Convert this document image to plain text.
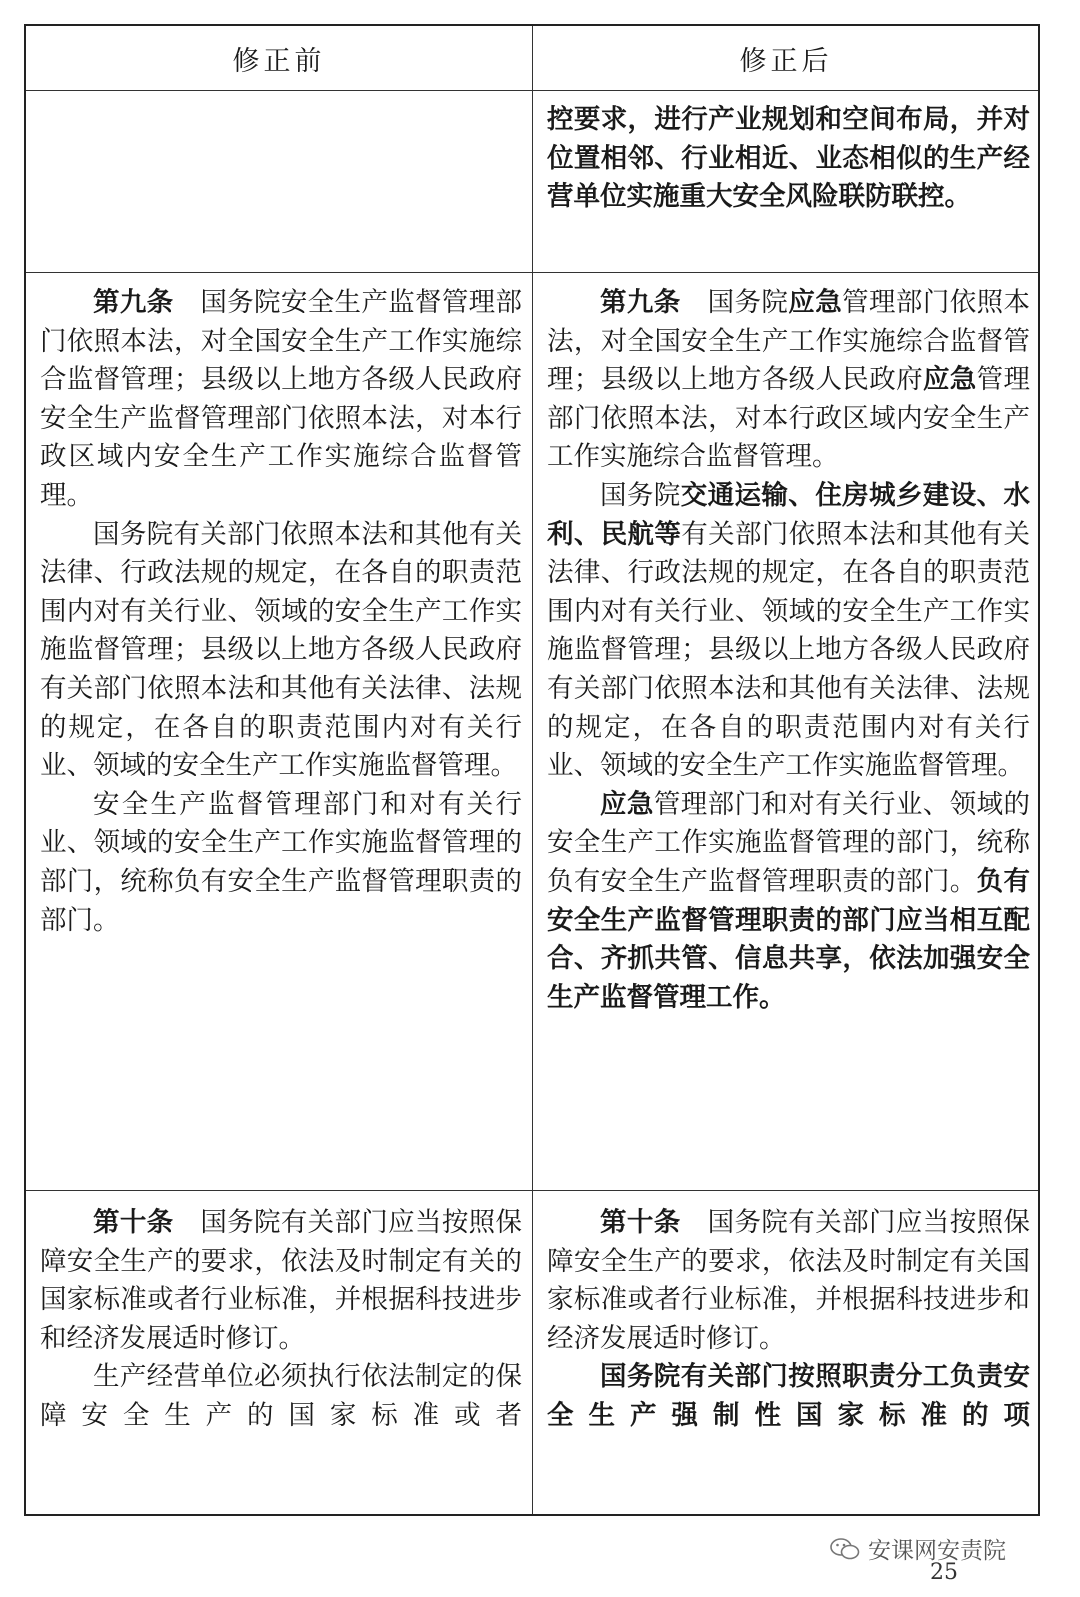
修正前	修正后

控要求，进行产业规划和空间布局，并对位置相邻、行业相近、业态相似的生产经营单位实施重大安全风险联防联控。

第九条　国务院安全生产监督管理部门依照本法，对全国安全生产工作实施综合监督管理；县级以上地方各级人民政府安全生产监督管理部门依照本法，对本行政区域内安全生产工作实施综合监督管理。

国务院有关部门依照本法和其他有关法律、行政法规的规定，在各自的职责范围内对有关行业、领域的安全生产工作实施监督管理；县级以上地方各级人民政府有关部门依照本法和其他有关法律、法规的规定，在各自的职责范围内对有关行业、领域的安全生产工作实施监督管理。

安全生产监督管理部门和对有关行业、领域的安全生产工作实施监督管理的部门，统称负有安全生产监督管理职责的部门。

第九条　国务院应急管理部门依照本法，对全国安全生产工作实施综合监督管理；县级以上地方各级人民政府应急管理部门依照本法，对本行政区域内安全生产工作实施综合监督管理。

国务院交通运输、住房城乡建设、水利、民航等有关部门依照本法和其他有关法律、行政法规的规定，在各自的职责范围内对有关行业、领域的安全生产工作实施监督管理；县级以上地方各级人民政府有关部门依照本法和其他有关法律、法规的规定，在各自的职责范围内对有关行业、领域的安全生产工作实施监督管理。

应急管理部门和对有关行业、领域的安全生产工作实施监督管理的部门，统称负有安全生产监督管理职责的部门。负有安全生产监督管理职责的部门应当相互配合、齐抓共管、信息共享，依法加强安全生产监督管理工作。

第十条　国务院有关部门应当按照保障安全生产的要求，依法及时制定有关的国家标准或者行业标准，并根据科技进步和经济发展适时修订。

生产经营单位必须执行依法制定的保障安全生产的国家标准或者

第十条　国务院有关部门应当按照保障安全生产的要求，依法及时制定有关国家标准或者行业标准，并根据科技进步和经济发展适时修订。

国务院有关部门按照职责分工负责安全生产强制性国家标准的项

安课网安责院
25
